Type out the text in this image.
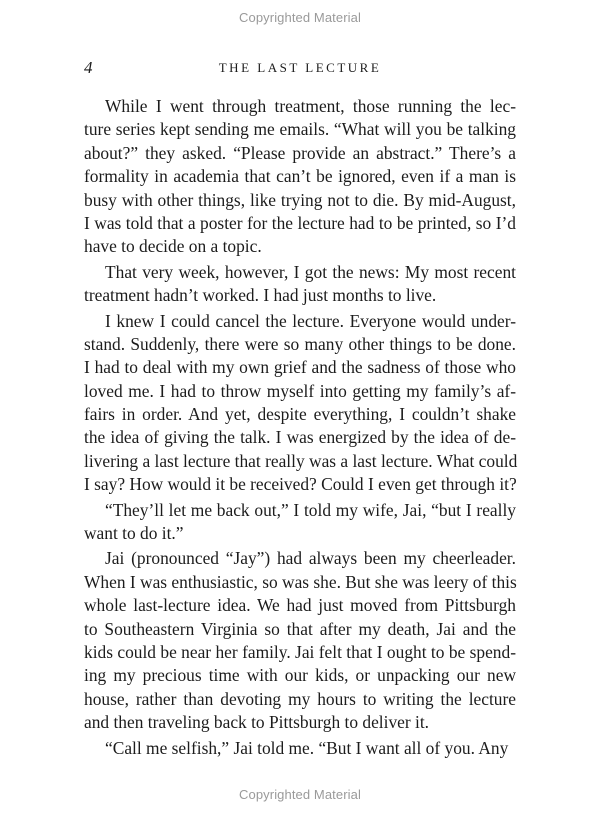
Copyrighted Material
4	THE LAST LECTURE
While I went through treatment, those running the lec-
ture series kept sending me emails. “What will you be talking
about?” they asked. “Please provide an abstract.” There’s a
formality in academia that can’t be ignored, even if a man is
busy with other things, like trying not to die. By mid-August,
I was told that a poster for the lecture had to be printed, so I’d
have to decide on a topic.
That very week, however, I got the news: My most recent
treatment hadn’t worked. I had just months to live.
I knew I could cancel the lecture. Everyone would under-
stand. Suddenly, there were so many other things to be done.
I had to deal with my own grief and the sadness of those who
loved me. I had to throw myself into getting my family’s af-
fairs in order. And yet, despite everything, I couldn’t shake
the idea of giving the talk. I was energized by the idea of de-
livering a last lecture that really was a last lecture. What could
I say? How would it be received? Could I even get through it?
“They’ll let me back out,” I told my wife, Jai, “but I really
want to do it.”
Jai (pronounced “Jay”) had always been my cheerleader.
When I was enthusiastic, so was she. But she was leery of this
whole last-lecture idea. We had just moved from Pittsburgh
to Southeastern Virginia so that after my death, Jai and the
kids could be near her family. Jai felt that I ought to be spend-
ing my precious time with our kids, or unpacking our new
house, rather than devoting my hours to writing the lecture
and then traveling back to Pittsburgh to deliver it.
“Call me selfish,” Jai told me. “But I want all of you. Any
Copyrighted Material
